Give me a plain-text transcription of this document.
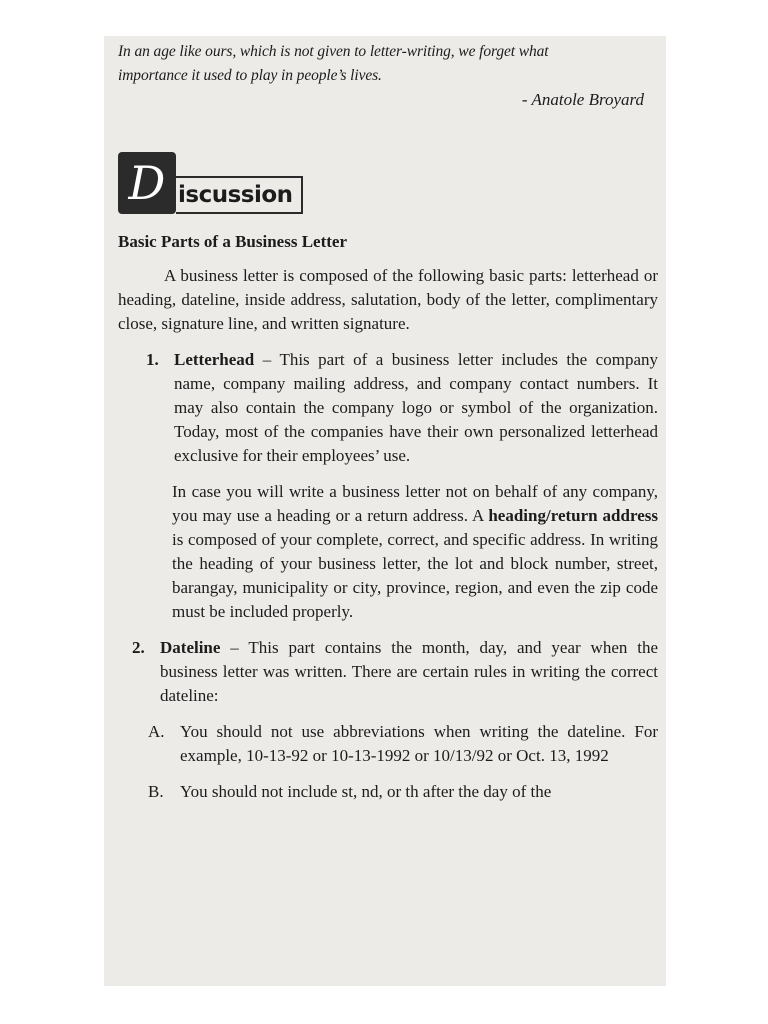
In an age like ours, which is not given to letter-writing, we forget what
importance it used to play in people’s lives.
- Anatole Broyard
D iscussion
Basic Parts of a Business Letter

A business letter is composed of the following basic parts: letterhead or heading, dateline, inside address, salutation, body of the letter, complimentary close, signature line, and written signature.

1. Letterhead – This part of a business letter includes the company name, company mailing address, and company contact numbers. It may also contain the company logo or symbol of the organization. Today, most of the companies have their own personalized letterhead exclusive for their employees’ use.

In case you will write a business letter not on behalf of any company, you may use a heading or a return address. A heading/return address is composed of your complete, correct, and specific address. In writing the heading of your business letter, the lot and block number, street, barangay, municipality or city, province, region, and even the zip code must be included properly.

2. Dateline – This part contains the month, day, and year when the business letter was written. There are certain rules in writing the correct dateline:
A. You should not use abbreviations when writing the dateline. For example, 10-13-92 or 10-13-1992 or 10/13/92 or Oct. 13, 1992
B. You should not include st, nd, or th after the day of the
